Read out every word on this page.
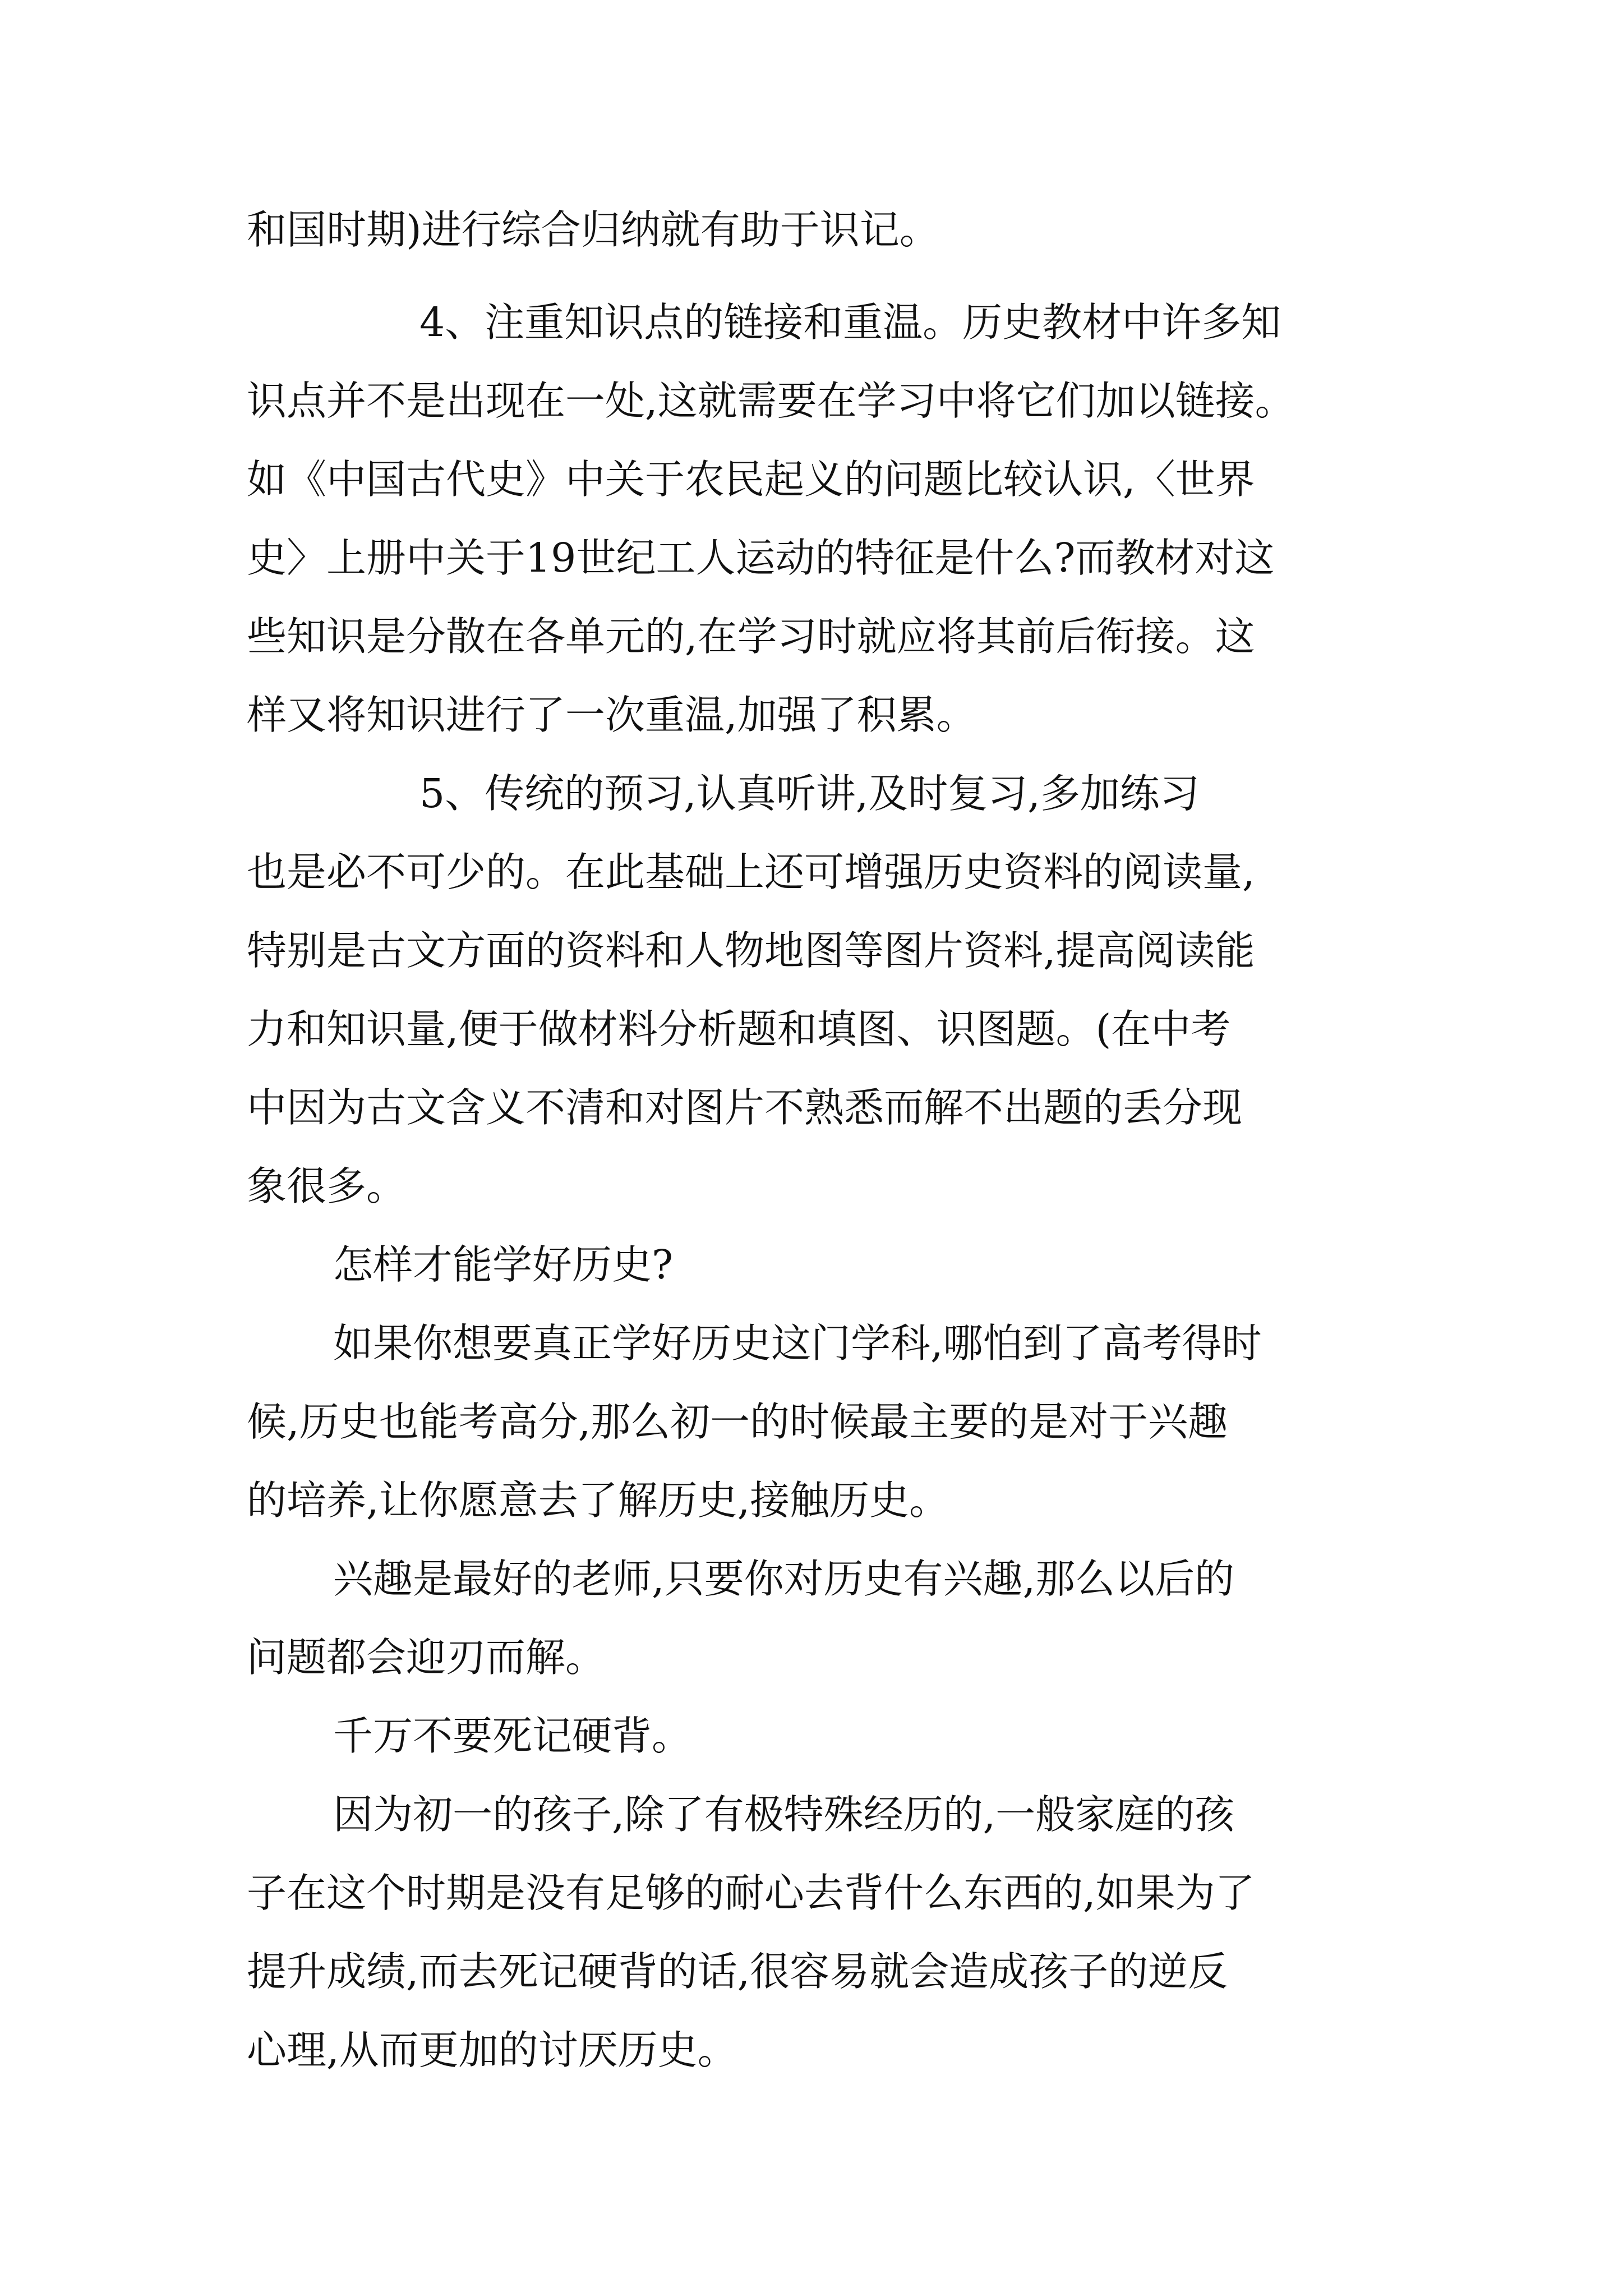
和国时期)进行综合归纳就有助于识记。

4、注重知识点的链接和重温。历史教材中许多知

识点并不是出现在一处,这就需要在学习中将它们加以链接。

如《中国古代史》中关于农民起义的问题比较认识,〈世界

史〉上册中关于19世纪工人运动的特征是什么?而教材对这

些知识是分散在各单元的,在学习时就应将其前后衔接。这

样又将知识进行了一次重温,加强了积累。

5、传统的预习,认真听讲,及时复习,多加练习

也是必不可少的。在此基础上还可增强历史资料的阅读量,

特别是古文方面的资料和人物地图等图片资料,提高阅读能

力和知识量,便于做材料分析题和填图、识图题。(在中考

中因为古文含义不清和对图片不熟悉而解不出题的丢分现

象很多。

怎样才能学好历史?

如果你想要真正学好历史这门学科,哪怕到了高考得时

候,历史也能考高分,那么初一的时候最主要的是对于兴趣

的培养,让你愿意去了解历史,接触历史。

兴趣是最好的老师,只要你对历史有兴趣,那么以后的

问题都会迎刃而解。

千万不要死记硬背。

因为初一的孩子,除了有极特殊经历的,一般家庭的孩

子在这个时期是没有足够的耐心去背什么东西的,如果为了

提升成绩,而去死记硬背的话,很容易就会造成孩子的逆反

心理,从而更加的讨厌历史。
